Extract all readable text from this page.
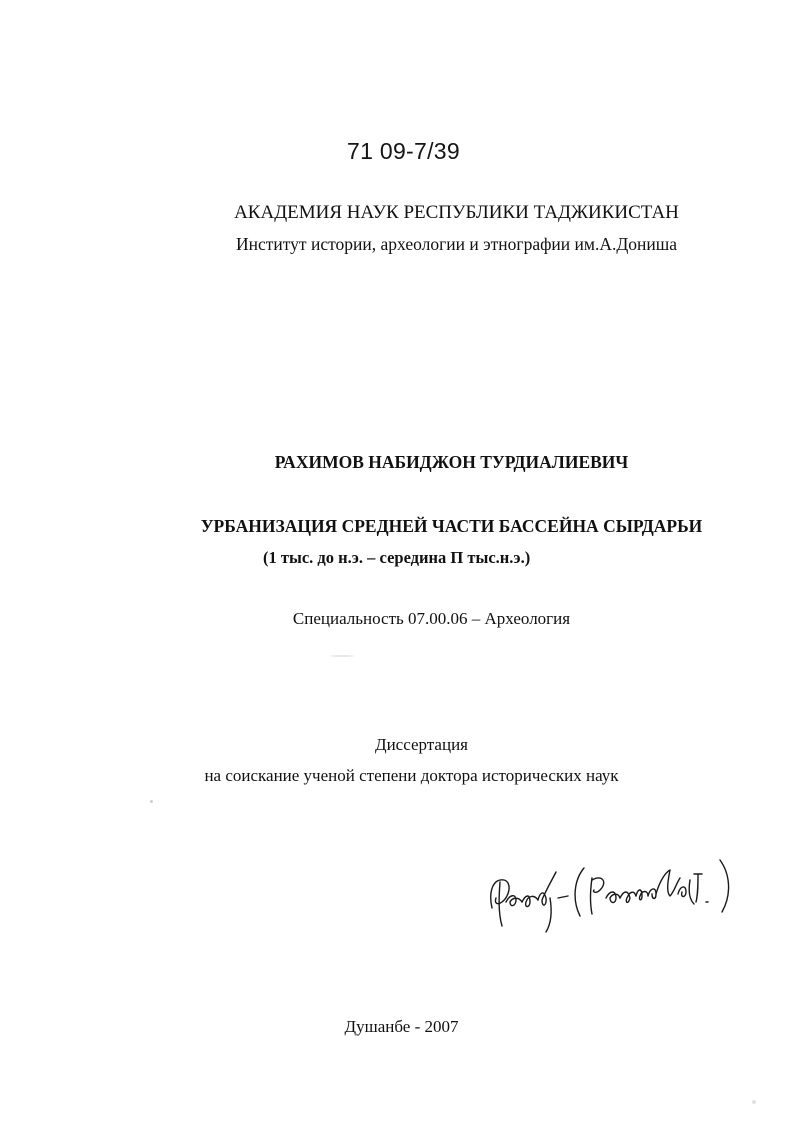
71 09-7/39
АКАДЕМИЯ НАУК РЕСПУБЛИКИ ТАДЖИКИСТАН
Институт истории, археологии и этнографии им.А.Дониша
РАХИМОВ НАБИДЖОН ТУРДИАЛИЕВИЧ
УРБАНИЗАЦИЯ СРЕДНЕЙ ЧАСТИ БАССЕЙНА СЫРДАРЬИ
(1 тыс. до н.э. – середина П тыс.н.э.)
Специальность 07.00.06 – Археология
Диссертация
на соискание ученой степени доктора исторических наук
Душанбе - 2007
